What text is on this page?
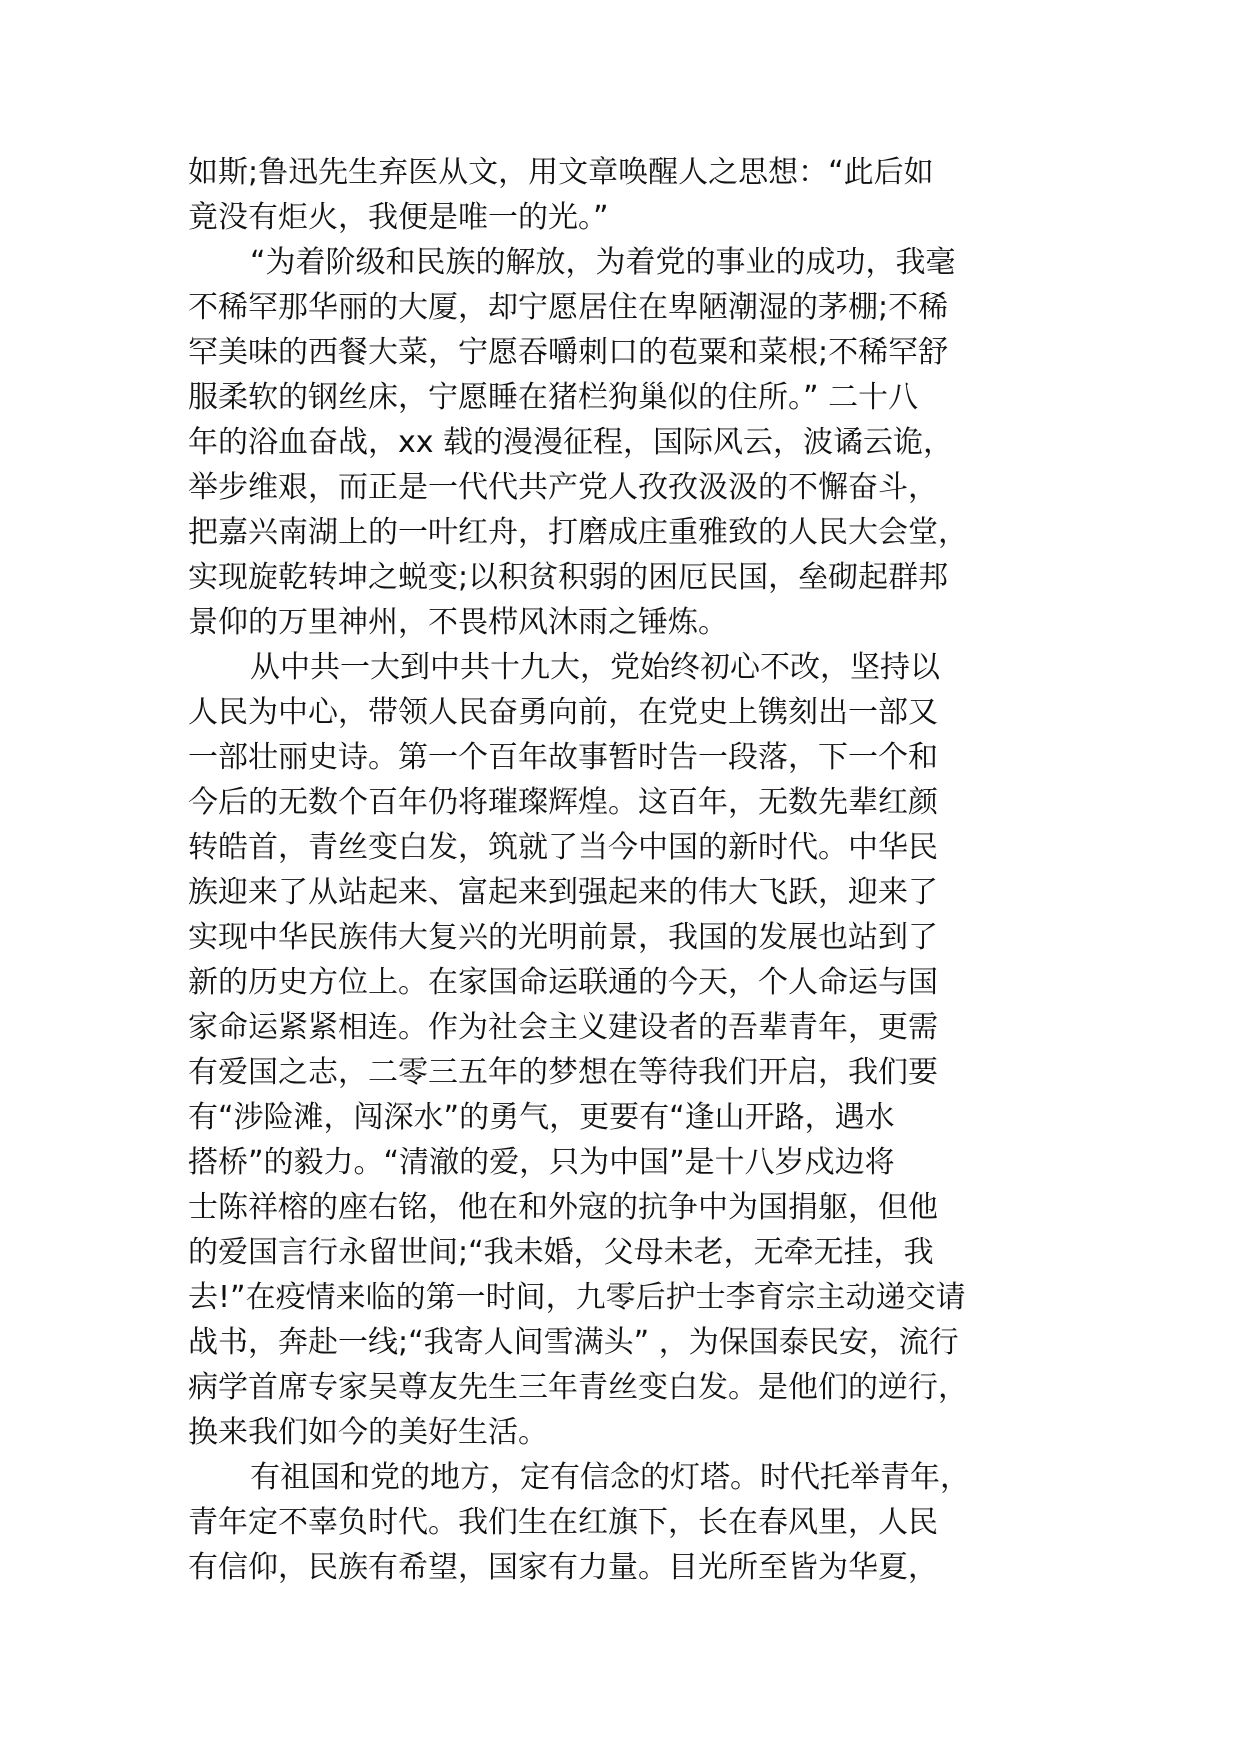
如斯;鲁迅先生弃医从文，用文章唤醒人之思想：“此后如
竟没有炬火，我便是唯一的光。”
“为着阶级和民族的解放，为着党的事业的成功，我毫
不稀罕那华丽的大厦，却宁愿居住在卑陋潮湿的茅棚;不稀
罕美味的西餐大菜，宁愿吞嚼刺口的苞粟和菜根;不稀罕舒
服柔软的钢丝床，宁愿睡在猪栏狗巢似的住所。” 二十八
年的浴血奋战，xx 载的漫漫征程，国际风云，波谲云诡，
举步维艰，而正是一代代共产党人孜孜汲汲的不懈奋斗，
把嘉兴南湖上的一叶红舟，打磨成庄重雅致的人民大会堂，
实现旋乾转坤之蜕变;以积贫积弱的困厄民国，垒砌起群邦
景仰的万里神州，不畏栉风沐雨之锤炼。
从中共一大到中共十九大，党始终初心不改，坚持以
人民为中心，带领人民奋勇向前，在党史上镌刻出一部又
一部壮丽史诗。第一个百年故事暂时告一段落，下一个和
今后的无数个百年仍将璀璨辉煌。这百年，无数先辈红颜
转皓首，青丝变白发，筑就了当今中国的新时代。中华民
族迎来了从站起来、富起来到强起来的伟大飞跃，迎来了
实现中华民族伟大复兴的光明前景，我国的发展也站到了
新的历史方位上。在家国命运联通的今天，个人命运与国
家命运紧紧相连。作为社会主义建设者的吾辈青年，更需
有爱国之志，二零三五年的梦想在等待我们开启，我们要
有“涉险滩，闯深水”的勇气，更要有“逢山开路，遇水
搭桥”的毅力。“清澈的爱，只为中国”是十八岁戍边将
士陈祥榕的座右铭，他在和外寇的抗争中为国捐躯，但他
的爱国言行永留世间;“我未婚，父母未老，无牵无挂，我
去!”在疫情来临的第一时间，九零后护士李育宗主动递交请
战书，奔赴一线;“我寄人间雪满头” ，为保国泰民安，流行
病学首席专家吴尊友先生三年青丝变白发。是他们的逆行，
换来我们如今的美好生活。
有祖国和党的地方，定有信念的灯塔。时代托举青年，
青年定不辜负时代。我们生在红旗下，长在春风里，人民
有信仰，民族有希望，国家有力量。目光所至皆为华夏，
